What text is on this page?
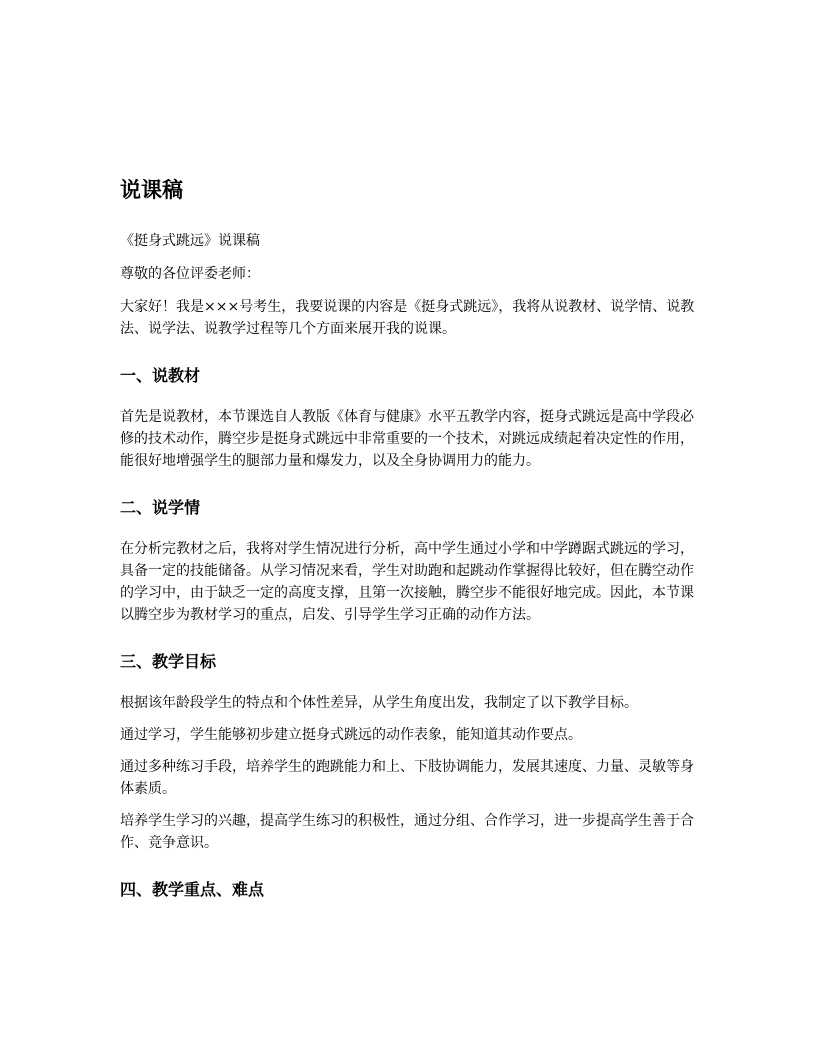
说课稿

《挺身式跳远》说课稿

尊敬的各位评委老师：

大家好！我是×××号考生，我要说课的内容是《挺身式跳远》，我将从说教材、说学情、说教法、说学法、说教学过程等几个方面来展开我的说课。

一、说教材

首先是说教材，本节课选自人教版《体育与健康》水平五教学内容，挺身式跳远是高中学段必修的技术动作，腾空步是挺身式跳远中非常重要的一个技术，对跳远成绩起着决定性的作用，能很好地增强学生的腿部力量和爆发力，以及全身协调用力的能力。

二、说学情

在分析完教材之后，我将对学生情况进行分析，高中学生通过小学和中学蹲踞式跳远的学习，具备一定的技能储备。从学习情况来看，学生对助跑和起跳动作掌握得比较好，但在腾空动作的学习中，由于缺乏一定的高度支撑，且第一次接触，腾空步不能很好地完成。因此，本节课以腾空步为教材学习的重点，启发、引导学生学习正确的动作方法。

三、教学目标

根据该年龄段学生的特点和个体性差异，从学生角度出发，我制定了以下教学目标。

通过学习，学生能够初步建立挺身式跳远的动作表象，能知道其动作要点。

通过多种练习手段，培养学生的跑跳能力和上、下肢协调能力，发展其速度、力量、灵敏等身体素质。

培养学生学习的兴趣，提高学生练习的积极性，通过分组、合作学习，进一步提高学生善于合作、竞争意识。

四、教学重点、难点
